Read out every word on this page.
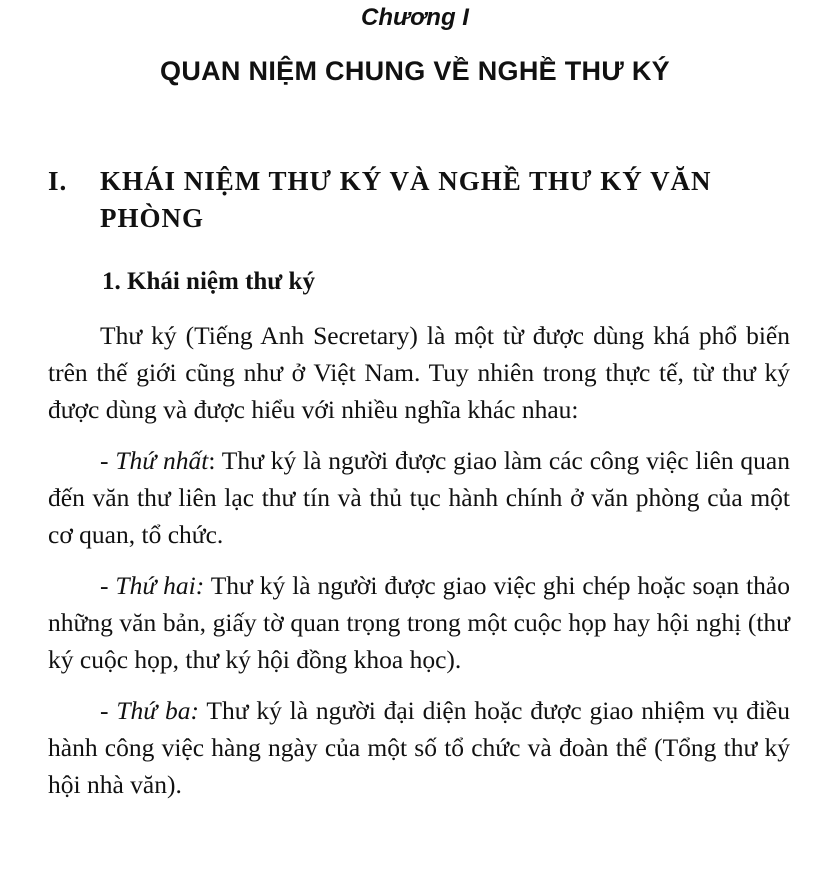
Chương I
QUAN NIỆM CHUNG VỀ NGHỀ THƯ KÝ
I.	KHÁI NIỆM THƯ KÝ VÀ NGHỀ THƯ KÝ VĂN PHÒNG
1. Khái niệm thư ký

Thư ký (Tiếng Anh Secretary) là một từ được dùng khá phổ biến trên thế giới cũng như ở Việt Nam. Tuy nhiên trong thực tế, từ thư ký được dùng và được hiểu với nhiều nghĩa khác nhau:

- Thứ nhất: Thư ký là người được giao làm các công việc liên quan đến văn thư liên lạc thư tín và thủ tục hành chính ở văn phòng của một cơ quan, tổ chức.

- Thứ hai: Thư ký là người được giao việc ghi chép hoặc soạn thảo những văn bản, giấy tờ quan trọng trong một cuộc họp hay hội nghị (thư ký cuộc họp, thư ký hội đồng khoa học).

- Thứ ba: Thư ký là người đại diện hoặc được giao nhiệm vụ điều hành công việc hàng ngày của một số tổ chức và đoàn thể (Tổng thư ký hội nhà văn).
